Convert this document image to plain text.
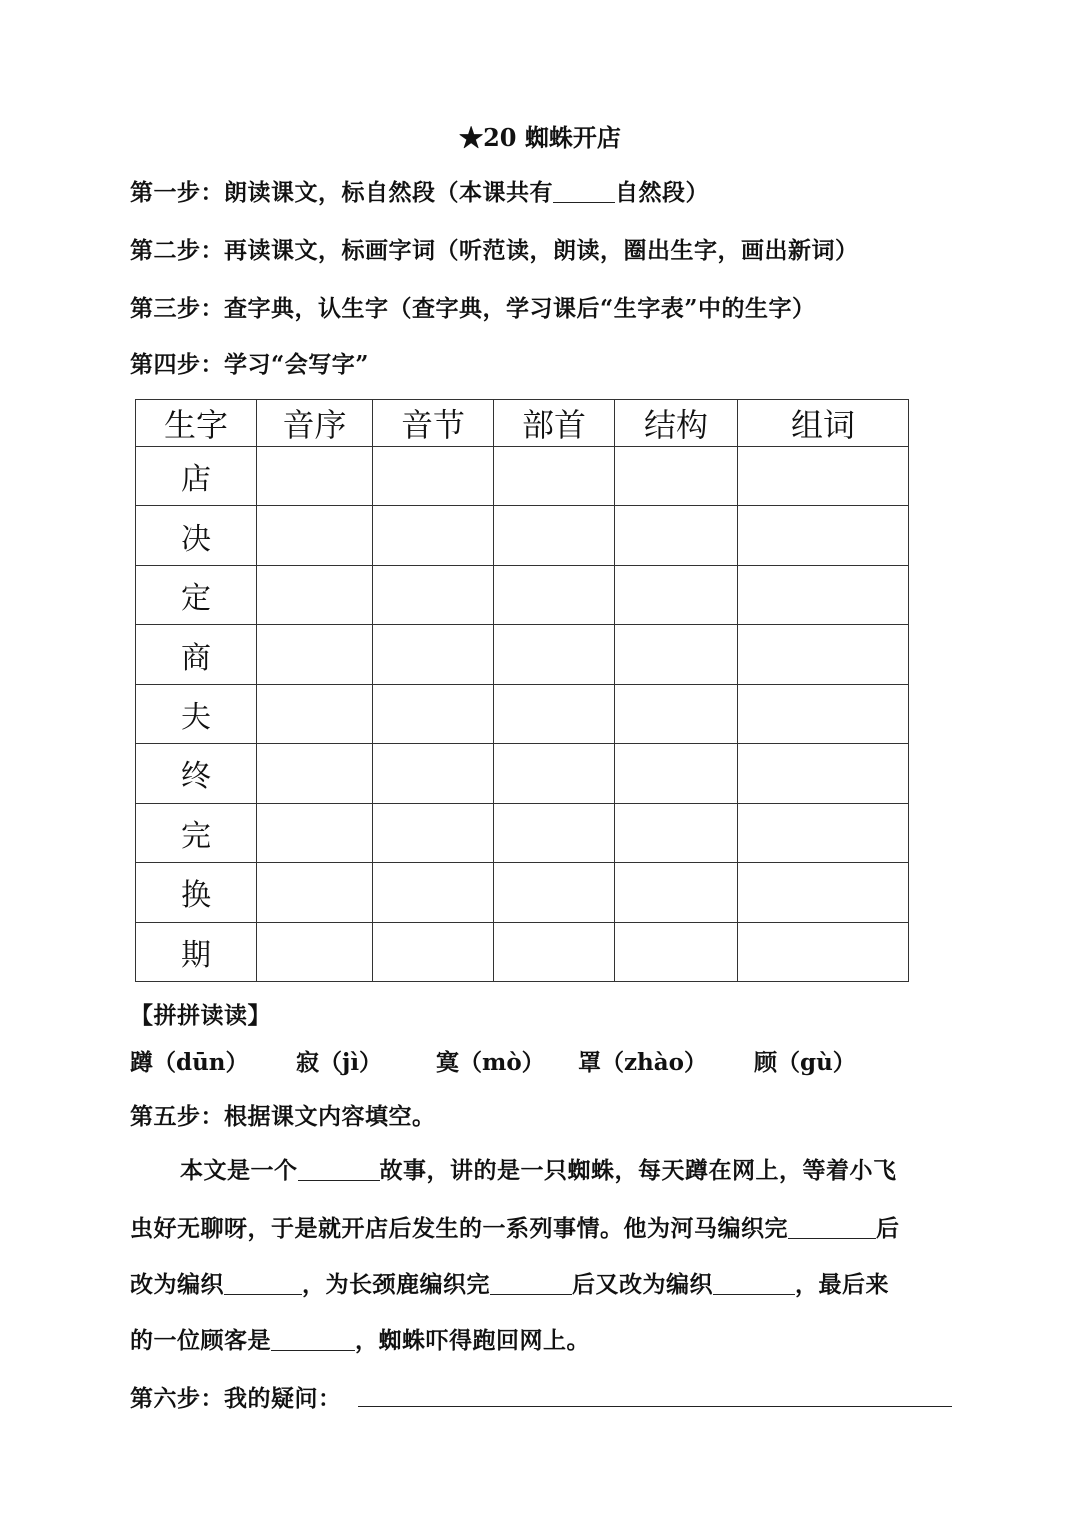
★20 蜘蛛开店
第一步：朗读课文，标自然段（本课共有	自然段）
第二步：再读课文，标画字词（听范读，朗读，圈出生字，画出新词）
第三步：查字典，认生字（查字典，学习课后“生字表”中的生字）
第四步：学习“会写字”
生字	音序	音节	部首	结构	组词
店					
决					
定					
商					
夫					
终					
完					
换					
期					
【拼拼读读】
蹲（dūn） 寂（jì） 寞（mò） 罩（zhào） 顾（gù）
第五步：根据课文内容填空。
本文是一个	故事，讲的是一只蜘蛛，每天蹲在网上，等着小飞
虫好无聊呀，于是就开店后发生的一系列事情。他为河马编织完	后
改为编织	，为长颈鹿编织完	后又改为编织	，最后来
的一位顾客是	，蜘蛛吓得跑回网上。
第六步：我的疑问：
